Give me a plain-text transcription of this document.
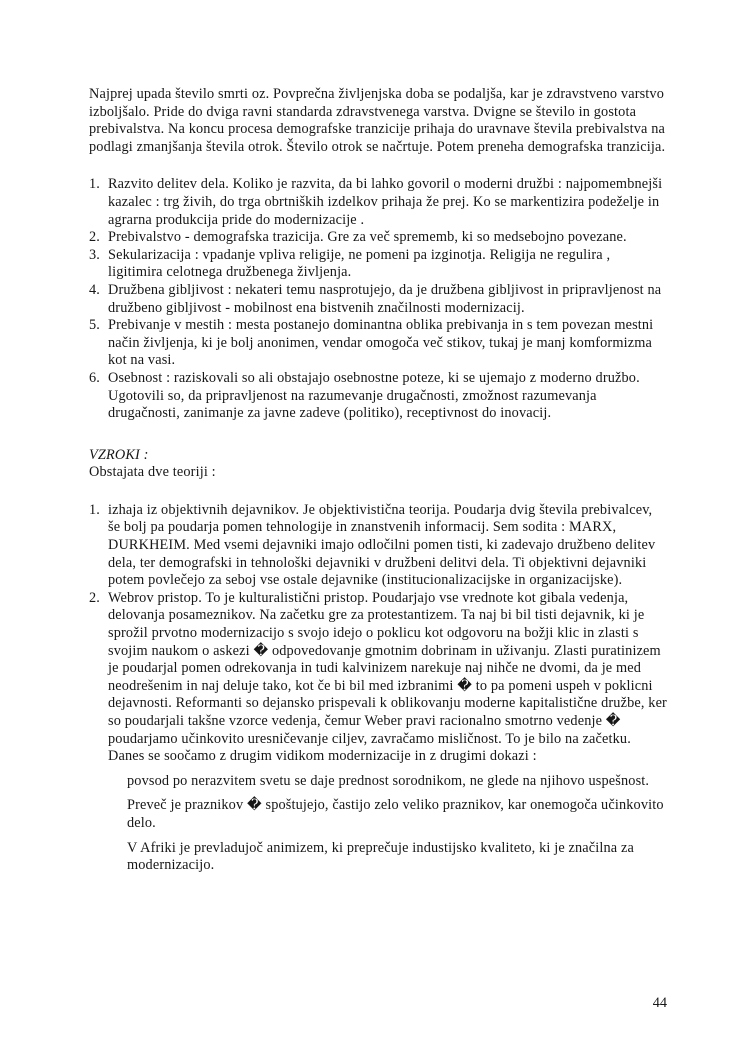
Najprej upada število smrti oz. Povprečna življenjska doba se podaljša, kar je zdravstveno varstvo izboljšalo. Pride do dviga ravni standarda zdravstvenega varstva. Dvigne se število in gostota prebivalstva. Na koncu procesa demografske tranzicije prihaja do uravnave števila prebivalstva na podlagi zmanjšanja števila otrok. Število otrok se načrtuje. Potem preneha demografska tranzicija.

1. Razvito delitev dela. Koliko je razvita, da bi lahko govoril o moderni družbi : najpomembnejši kazalec : trg živih, do trga obrtniških izdelkov prihaja že prej. Ko se markentizira podeželje in agrarna produkcija pride do modernizacije .
2. Prebivalstvo - demografska trazicija. Gre za več sprememb, ki so medsebojno povezane.
3. Sekularizacija : vpadanje vpliva religije, ne pomeni pa izginotja. Religija ne regulira , ligitimira celotnega družbenega življenja.
4. Družbena gibljivost : nekateri temu nasprotujejo, da je družbena gibljivost in pripravljenost na družbeno gibljivost - mobilnost ena bistvenih značilnosti modernizacij.
5. Prebivanje v mestih : mesta postanejo dominantna oblika prebivanja in s tem povezan mestni način življenja, ki je bolj anonimen, vendar omogoča več stikov, tukaj je manj komformizma kot na vasi.
6. Osebnost : raziskovali so ali obstajajo osebnostne poteze, ki se ujemajo z moderno družbo. Ugotovili so, da pripravljenost na razumevanje drugačnosti, zmožnost razumevanja drugačnosti, zanimanje za javne zadeve (politiko), receptivnost do inovacij.

VZROKI :

Obstajata dve teoriji :

1. izhaja iz objektivnih dejavnikov. Je objektivistična teorija. Poudarja dvig števila prebivalcev, še bolj pa poudarja pomen tehnologije in znanstvenih informacij. Sem sodita : MARX, DURKHEIM. Med vsemi dejavniki imajo odločilni pomen tisti, ki zadevajo družbeno delitev dela, ter demografski in tehnološki dejavniki v družbeni delitvi dela. Ti objektivni dejavniki potem povlečejo za seboj vse ostale dejavnike (institucionalizacijske in organizacijske).
2. Webrov pristop. To je kulturalistični pristop. Poudarjajo vse vrednote kot gibala vedenja, delovanja posameznikov. Na začetku gre za protestantizem. Ta naj bi bil tisti dejavnik, ki je sprožil prvotno modernizacijo s svojo idejo o poklicu kot odgovoru na božji klic in zlasti s svojim naukom o askezi � odpovedovanje gmotnim dobrinam in uživanju. Zlasti puratinizem je poudarjal pomen odrekovanja in tudi kalvinizem narekuje naj nihče ne dvomi, da je med neodrešenim in naj deluje tako, kot če bi bil med izbranimi � to pa pomeni uspeh v poklicni dejavnosti. Reformanti so dejansko prispevali k oblikovanju moderne kapitalistične družbe, ker so poudarjali takšne vzorce vedenja, čemur Weber pravi racionalno smotrno vedenje � poudarjamo učinkovito uresničevanje ciljev, zavračamo misličnost. To je bilo na začetku. Danes se soočamo z drugim vidikom modernizacije in z drugimi dokazi :

povsod po nerazvitem svetu se daje prednost sorodnikom, ne glede na njihovo uspešnost.

Preveč je praznikov � spoštujejo, častijo zelo veliko praznikov, kar onemogoča učinkovito delo.

V Afriki je prevladujoč animizem, ki preprečuje industijsko kvaliteto, ki je značilna za modernizacijo.

44
